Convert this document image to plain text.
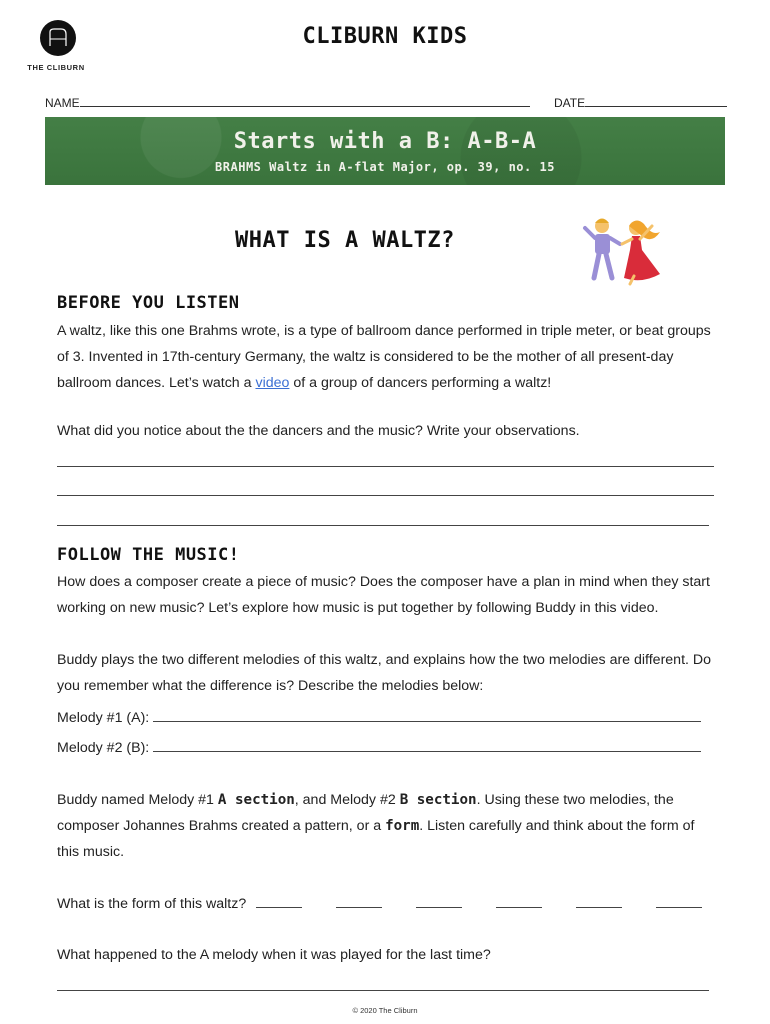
THE CLIBURN
CLIBURN KIDS
NAME	DATE
Starts with a B: A-B-A
BRAHMS Waltz in A-flat Major, op. 39, no. 15
WHAT IS A WALTZ?
BEFORE YOU LISTEN
A waltz, like this one Brahms wrote, is a type of ballroom dance performed in triple meter, or beat groups of 3. Invented in 17th-century Germany, the waltz is considered to be the mother of all present-day ballroom dances. Let’s watch a video of a group of dancers performing a waltz!
What did you notice about the the dancers and the music? Write your observations.
FOLLOW THE MUSIC!
How does a composer create a piece of music? Does the composer have a plan in mind when they start working on new music? Let’s explore how music is put together by following Buddy in this video.
Buddy plays the two different melodies of this waltz, and explains how the two melodies are different. Do you remember what the difference is? Describe the melodies below:
Melody #1 (A):
Melody #2 (B):
Buddy named Melody #1 A section, and Melody #2 B section. Using these two melodies, the composer Johannes Brahms created a pattern, or a form. Listen carefully and think about the form of this music.
What is the form of this waltz?
What happened to the A melody when it was played for the last time?
© 2020 The Cliburn
